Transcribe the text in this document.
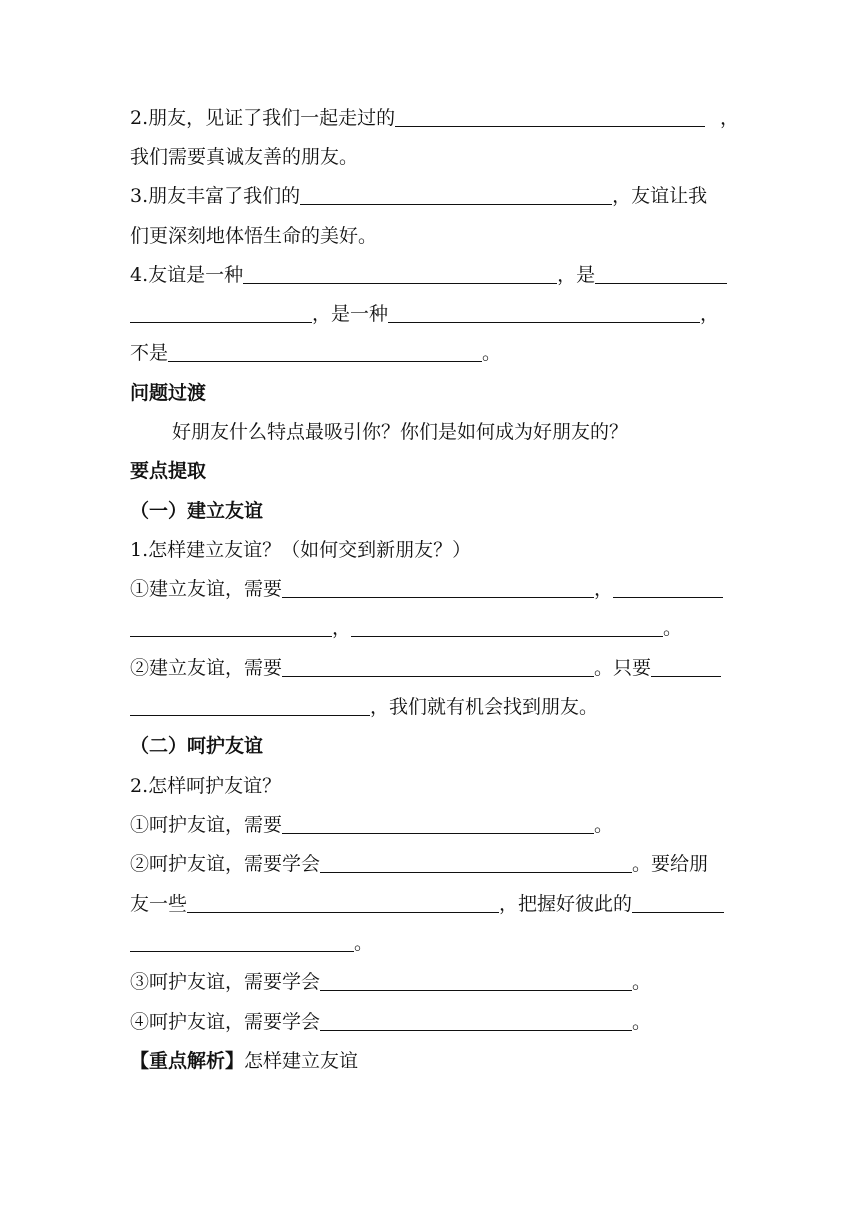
2.朋友，见证了我们一起走过的	，
我们需要真诚友善的朋友。
3.朋友丰富了我们的	，友谊让我
们更深刻地体悟生命的美好。
4.友谊是一种	，是
，是一种	，
不是	。
问题过渡
好朋友什么特点最吸引你？你们是如何成为好朋友的？
要点提取
（一）建立友谊
1.怎样建立友谊？（如何交到新朋友？）
①建立友谊，需要	，
，	。
②建立友谊，需要	。只要
，我们就有机会找到朋友。
（二）呵护友谊
2.怎样呵护友谊？
①呵护友谊，需要	。
②呵护友谊，需要学会	。要给朋
友一些	，把握好彼此的
。
③呵护友谊，需要学会	。
④呵护友谊，需要学会	。
【重点解析】怎样建立友谊
